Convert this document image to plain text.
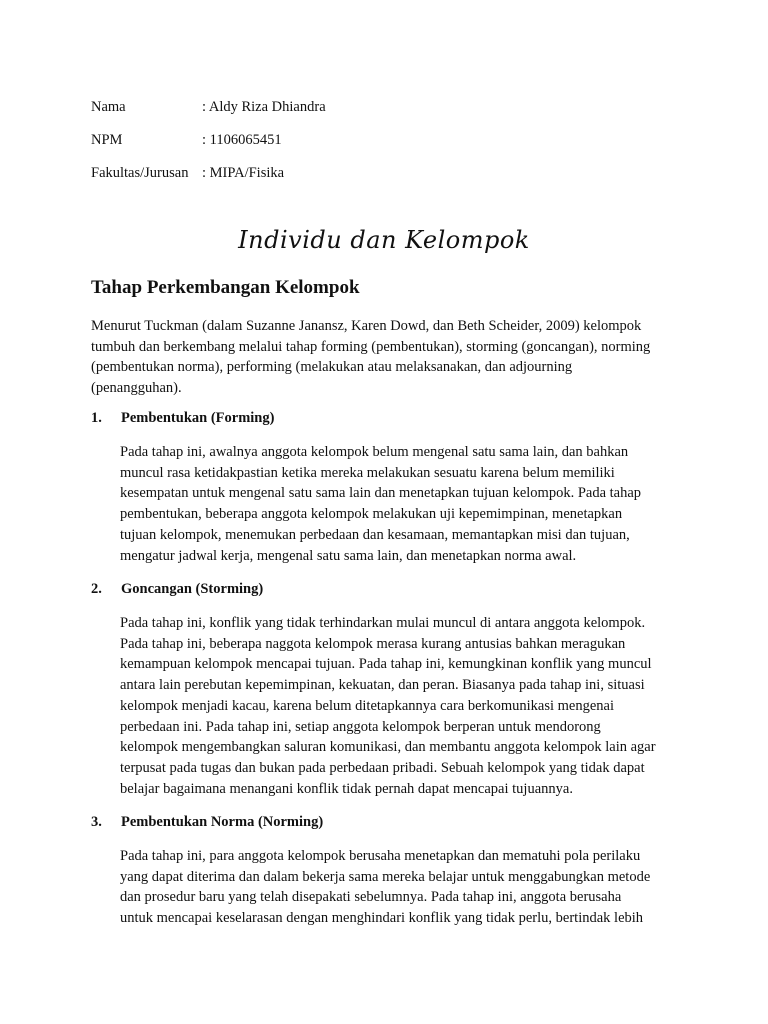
Nama	: Aldy Riza Dhiandra
NPM	: 1106065451
Fakultas/Jurusan : MIPA/Fisika
Individu dan Kelompok
Tahap Perkembangan Kelompok

Menurut Tuckman (dalam Suzanne Janansz, Karen Dowd, dan Beth Scheider, 2009) kelompok
tumbuh dan berkembang melalui tahap forming (pembentukan), storming (goncangan), norming
(pembentukan norma), performing (melakukan atau melaksanakan, dan adjourning
(penangguhan).

1.	Pembentukan (Forming)

Pada tahap ini, awalnya anggota kelompok belum mengenal satu sama lain, dan bahkan
muncul rasa ketidakpastian ketika mereka melakukan sesuatu karena belum memiliki
kesempatan untuk mengenal satu sama lain dan menetapkan tujuan kelompok. Pada tahap
pembentukan, beberapa anggota kelompok melakukan uji kepemimpinan, menetapkan
tujuan kelompok, menemukan perbedaan dan kesamaan, memantapkan misi dan tujuan,
mengatur jadwal kerja, mengenal satu sama lain, dan menetapkan norma awal.

2.	Goncangan (Storming)

Pada tahap ini, konflik yang tidak terhindarkan mulai muncul di antara anggota kelompok.
Pada tahap ini, beberapa naggota kelompok merasa kurang antusias bahkan meragukan
kemampuan kelompok mencapai tujuan. Pada tahap ini, kemungkinan konflik yang muncul
antara lain perebutan kepemimpinan, kekuatan, dan peran. Biasanya pada tahap ini, situasi
kelompok menjadi kacau, karena belum ditetapkannya cara berkomunikasi mengenai
perbedaan ini. Pada tahap ini, setiap anggota kelompok berperan untuk mendorong
kelompok mengembangkan saluran komunikasi, dan membantu anggota kelompok lain agar
terpusat pada tugas dan bukan pada perbedaan pribadi. Sebuah kelompok yang tidak dapat
belajar bagaimana menangani konflik tidak pernah dapat mencapai tujuannya.

3.	Pembentukan Norma (Norming)

Pada tahap ini, para anggota kelompok berusaha menetapkan dan mematuhi pola perilaku
yang dapat diterima dan dalam bekerja sama mereka belajar untuk menggabungkan metode
dan prosedur baru yang telah disepakati sebelumnya. Pada tahap ini, anggota berusaha
untuk mencapai keselarasan dengan menghindari konflik yang tidak perlu, bertindak lebih
